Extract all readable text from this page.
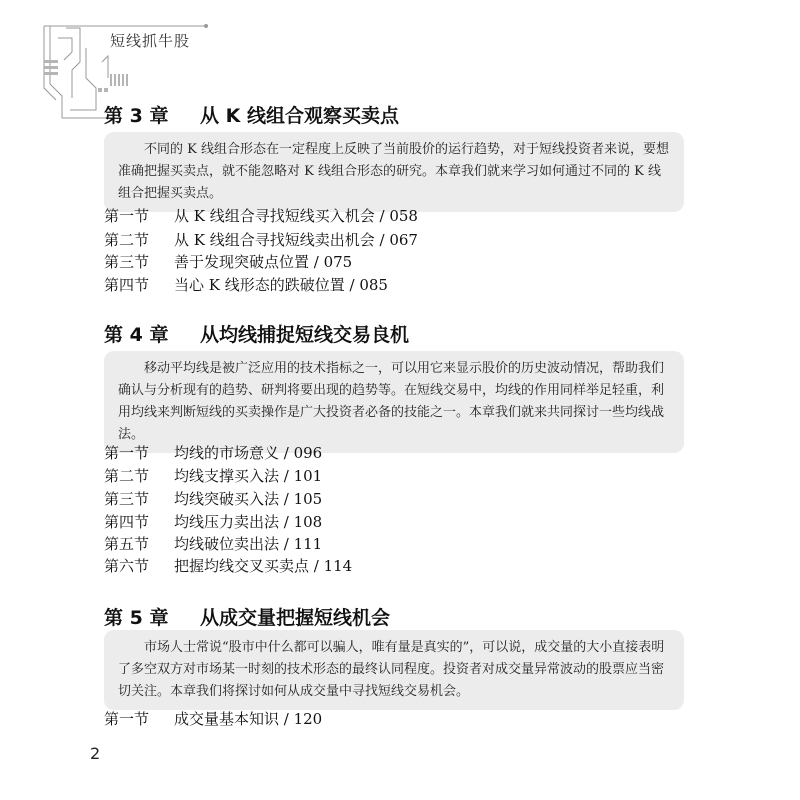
短线抓牛股
第 3 章 从 K 线组合观察买卖点
不同的 K 线组合形态在一定程度上反映了当前股价的运行趋势，对于短线投资者来说，要想准确把握买卖点，就不能忽略对 K 线组合形态的研究。本章我们就来学习如何通过不同的 K 线组合把握买卖点。
第一节 从 K 线组合寻找短线买入机会 / 058
第二节 从 K 线组合寻找短线卖出机会 / 067
第三节 善于发现突破点位置 / 075
第四节 当心 K 线形态的跌破位置 / 085
第 4 章 从均线捕捉短线交易良机
移动平均线是被广泛应用的技术指标之一，可以用它来显示股价的历史波动情况，帮助我们确认与分析现有的趋势、研判将要出现的趋势等。在短线交易中，均线的作用同样举足轻重，利用均线来判断短线的买卖操作是广大投资者必备的技能之一。本章我们就来共同探讨一些均线战法。
第一节 均线的市场意义 / 096
第二节 均线支撑买入法 / 101
第三节 均线突破买入法 / 105
第四节 均线压力卖出法 / 108
第五节 均线破位卖出法 / 111
第六节 把握均线交叉买卖点 / 114
第 5 章 从成交量把握短线机会
市场人士常说“股市中什么都可以骗人，唯有量是真实的”，可以说，成交量的大小直接表明了多空双方对市场某一时刻的技术形态的最终认同程度。投资者对成交量异常波动的股票应当密切关注。本章我们将探讨如何从成交量中寻找短线交易机会。
第一节 成交量基本知识 / 120
2
